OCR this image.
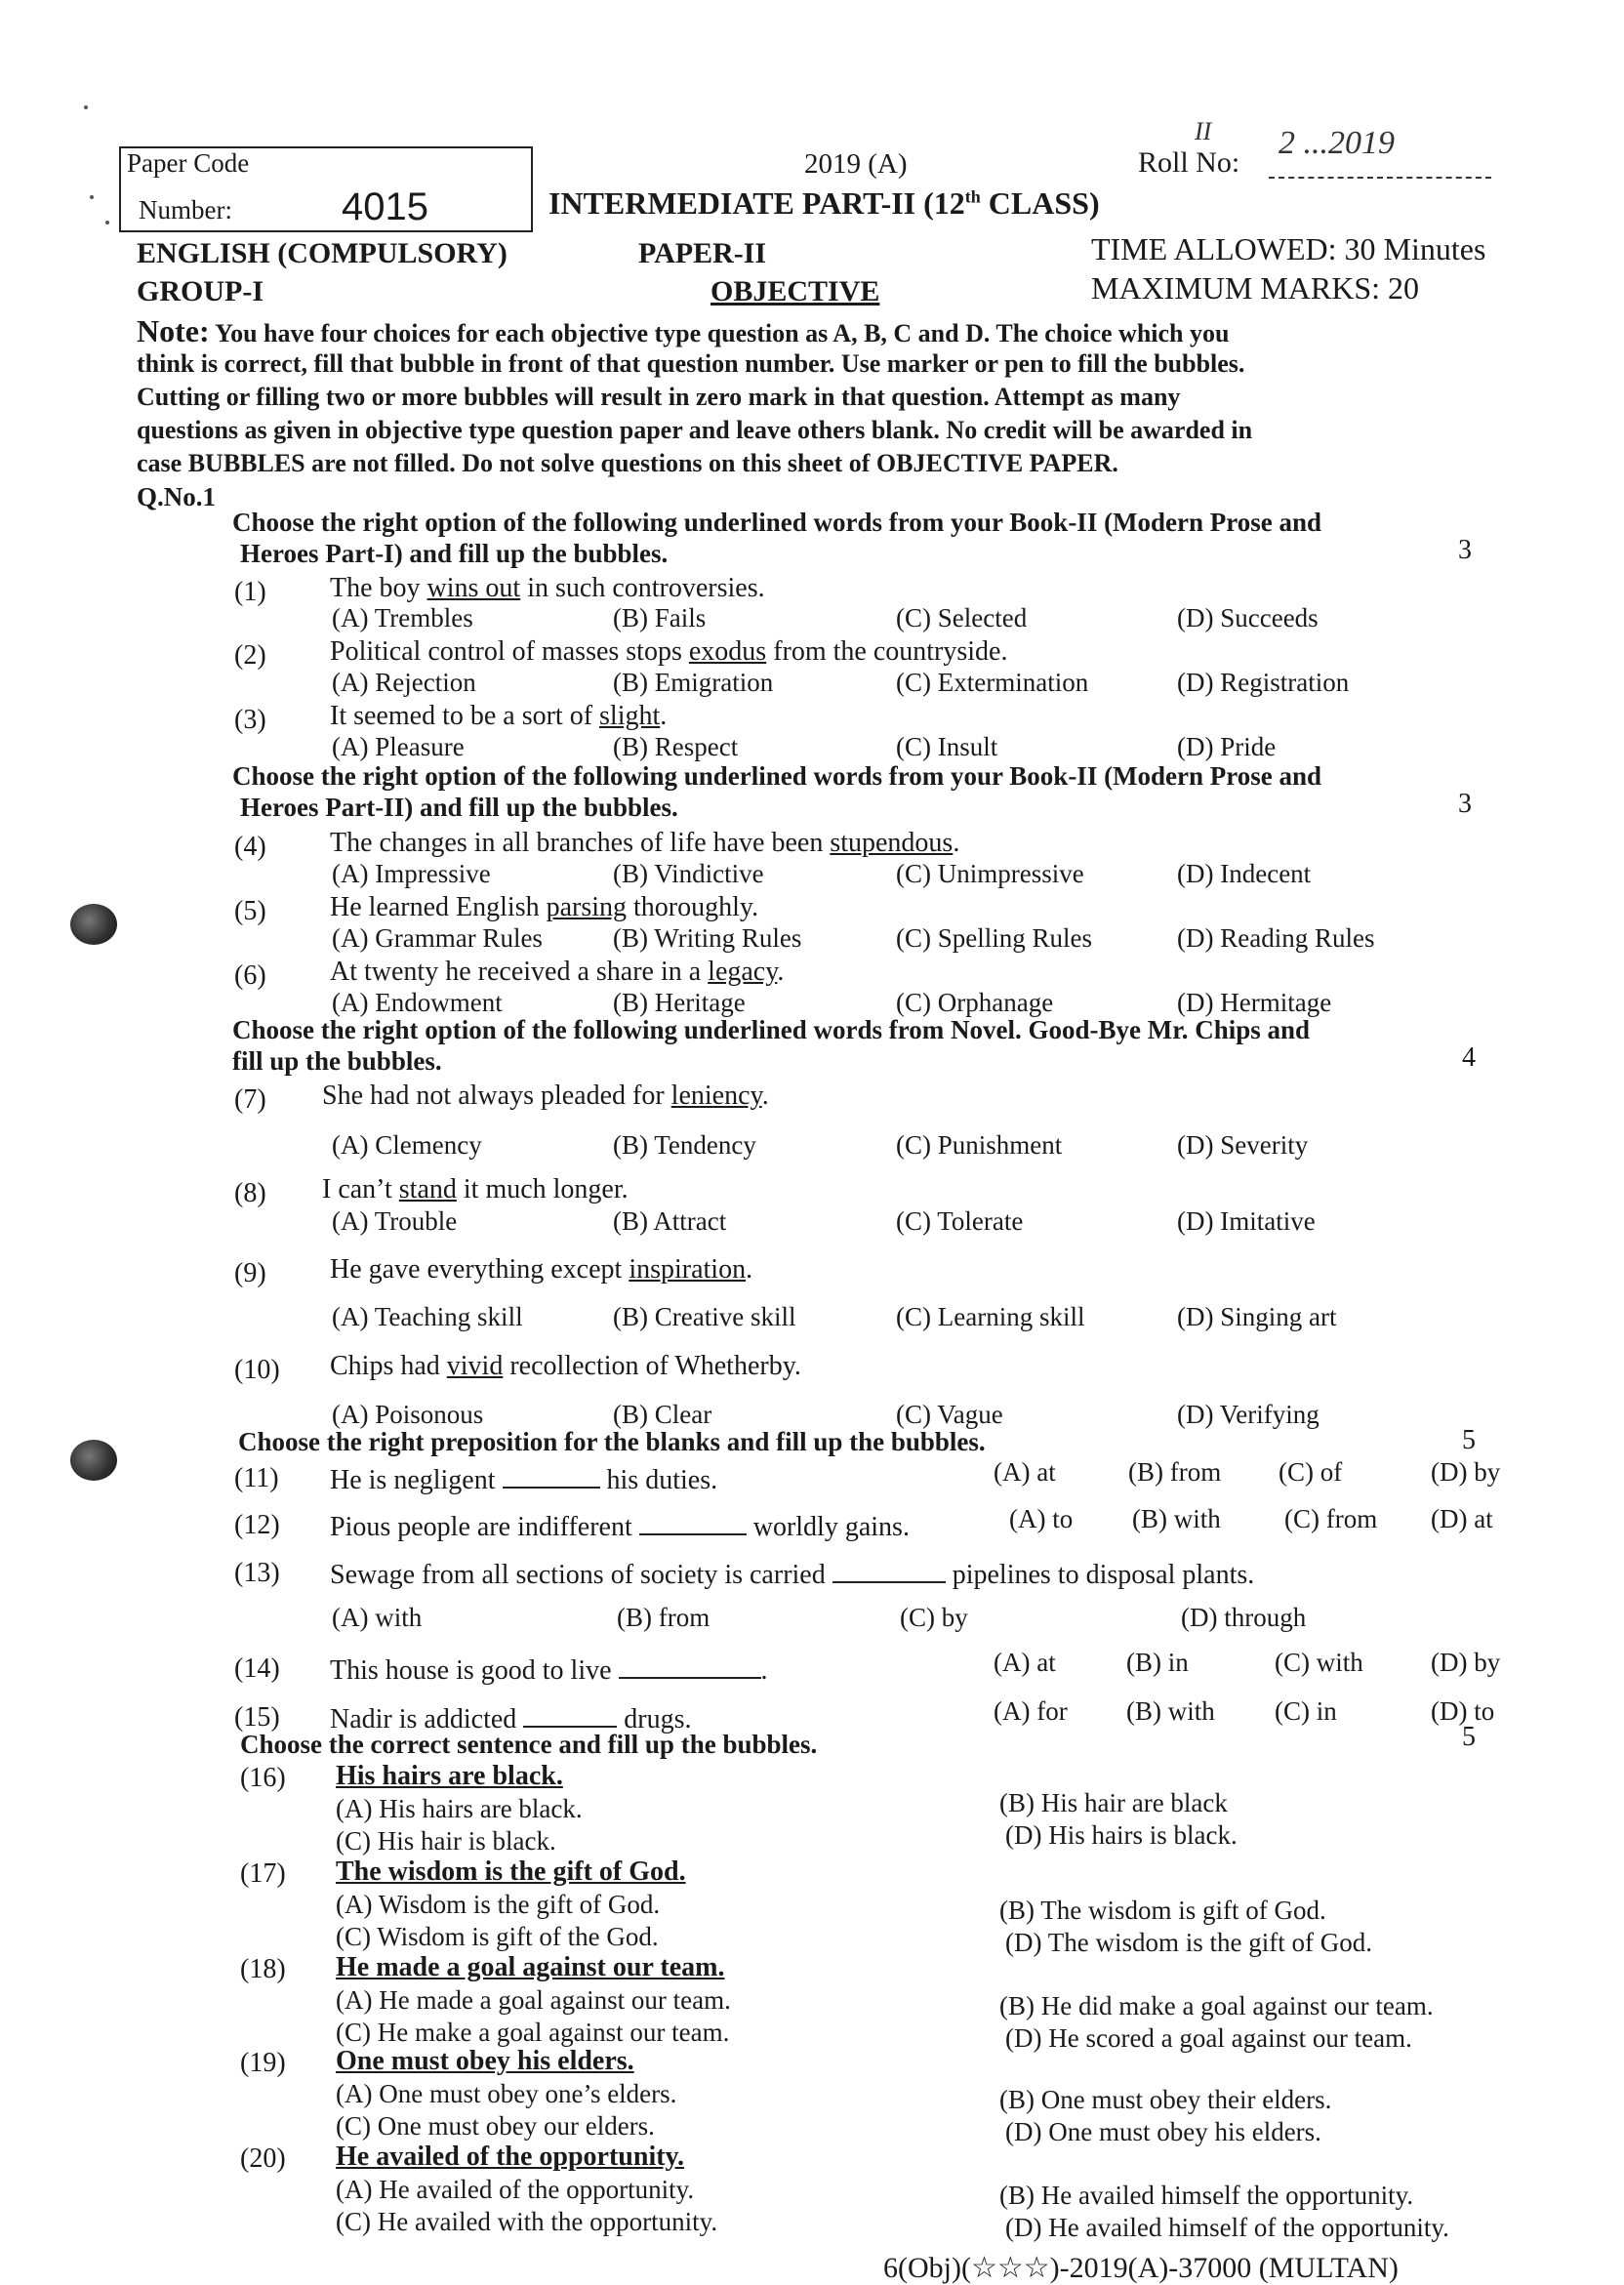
Paper Code
Number:	4015
2019 (A)	Roll No:
II 2 ...2019
INTERMEDIATE PART-II (12th CLASS)
ENGLISH (COMPULSORY)	PAPER-II	TIME ALLOWED: 30 Minutes
GROUP-I	OBJECTIVE	MAXIMUM MARKS: 20
Note: You have four choices for each objective type question as A, B, C and D. The choice which you
think is correct, fill that bubble in front of that question number. Use marker or pen to fill the bubbles.
Cutting or filling two or more bubbles will result in zero mark in that question. Attempt as many
questions as given in objective type question paper and leave others blank. No credit will be awarded in
case BUBBLES are not filled. Do not solve questions on this sheet of OBJECTIVE PAPER.
Q.No.1
Choose the right option of the following underlined words from your Book-II (Modern Prose and
Heroes Part-I) and fill up the bubbles.	3
Choose the right option of the following underlined words from your Book-II (Modern Prose and
Heroes Part-II) and fill up the bubbles.	3
Choose the right option of the following underlined words from Novel. Good-Bye Mr. Chips and
fill up the bubbles.	4
Choose the right preposition for the blanks and fill up the bubbles.	5
Choose the correct sentence and fill up the bubbles.	5
(1) The boy wins out in such controversies.
(A) Trembles	(B) Fails	(C) Selected	(D) Succeeds
(2) Political control of masses stops exodus from the countryside.
(A) Rejection	(B) Emigration	(C) Extermination	(D) Registration
(3) It seemed to be a sort of slight.
(A) Pleasure	(B) Respect	(C) Insult	(D) Pride
(4) The changes in all branches of life have been stupendous.
(A) Impressive	(B) Vindictive	(C) Unimpressive	(D) Indecent
(5) He learned English parsing thoroughly.
(A) Grammar Rules	(B) Writing Rules	(C) Spelling Rules	(D) Reading Rules
(6) At twenty he received a share in a legacy.
(A) Endowment	(B) Heritage	(C) Orphanage	(D) Hermitage
(7) She had not always pleaded for leniency.
(A) Clemency	(B) Tendency	(C) Punishment	(D) Severity
(8) I can’t stand it much longer.
(A) Trouble	(B) Attract	(C) Tolerate	(D) Imitative
(9) He gave everything except inspiration.
(A) Teaching skill	(B) Creative skill	(C) Learning skill	(D) Singing art
(10) Chips had vivid recollection of Whetherby.
(A) Poisonous	(B) Clear	(C) Vague	(D) Verifying
(11) He is negligent	his duties.	(A) at	(B) from (C) of	(D) by
(12) Pious people are indifferent	worldly gains.	(A) to (B) with (C) from (D) at
(13) Sewage from all sections of society is carried	pipelines to disposal plants.
(A) with	(B) from	(C) by	(D) through
(14) This house is good to live	.	(A) at	(B) in	(C) with	(D) by
(15) Nadir is addicted	drugs.	(A) for (B) with (C) in	(D) to
(16) His hairs are black.
(A) His hairs are black.	(B) His hair are black
(C) His hair is black.	(D) His hairs is black.
(17) The wisdom is the gift of God.
(A) Wisdom is the gift of God.	(B) The wisdom is gift of God.
(C) Wisdom is gift of the God.	(D) The wisdom is the gift of God.
(18) He made a goal against our team.
(A) He made a goal against our team.	(B) He did make a goal against our team.
(C) He make a goal against our team.	(D) He scored a goal against our team.
(19) One must obey his elders.
(A) One must obey one’s elders.	(B) One must obey their elders.
(C) One must obey our elders.	(D) One must obey his elders.
(20) He availed of the opportunity.
(A) He availed of the opportunity.	(B) He availed himself the opportunity.
(C) He availed with the opportunity.	(D) He availed himself of the opportunity.
6(Obj)(☆☆☆)-2019(A)-37000 (MULTAN)
